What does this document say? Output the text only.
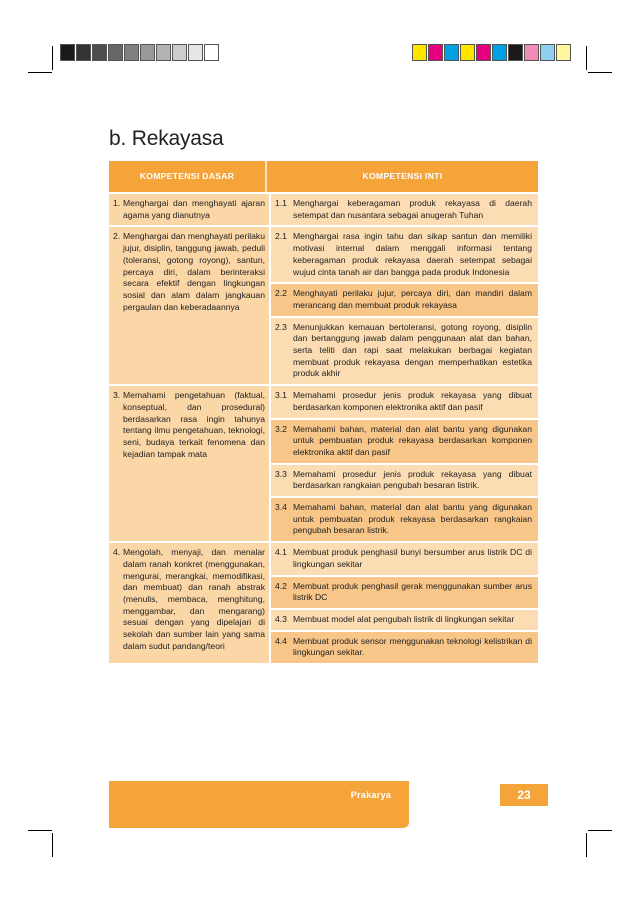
b. Rekayasa
KOMPETENSI DASAR	KOMPETENSI INTI
1. Menghargai dan menghayati ajaran agama yang dianutnya
1.1 Menghargai keberagaman produk rekayasa di daerah setempat dan nusantara sebagai anugerah Tuhan
2. Menghargai dan menghayati perilaku jujur, disiplin, tanggung jawab, peduli (toleransi, gotong royong), santun, percaya diri, dalam berinteraksi secara efektif dengan lingkungan sosial dan alam dalam jangkauan pergaulan dan keberadaannya
2.1 Menghargai rasa ingin tahu dan sikap santun dan memiliki motivasi internal dalam menggali informasi tentang keberagaman produk rekayasa daerah setempat sebagai wujud cinta tanah air dan bangga pada produk Indonesia
2.2 Menghayati perilaku jujur, percaya diri, dan mandiri dalam merancang dan membuat produk rekayasa
2.3 Menunjukkan kemauan bertoleransi, gotong royong, disiplin dan bertanggung jawab dalam penggunaan alat dan bahan, serta teliti dan rapi saat melakukan berbagai kegiatan membuat produk rekayasa dengan memperhatikan estetika produk akhir
3. Memahami pengetahuan (faktual, konseptual, dan prosedural) berdasarkan rasa ingin tahunya tentang ilmu pengetahuan, teknologi, seni, budaya terkait fenomena dan kejadian tampak mata
3.1 Memahami prosedur jenis produk rekayasa yang dibuat berdasarkan komponen elektronika aktif dan pasif
3.2 Memahami bahan, material dan alat bantu yang digunakan untuk pembuatan produk rekayasa berdasarkan komponen elektronika aktif dan pasif
3.3 Memahami prosedur jenis produk rekayasa yang dibuat berdasarkan rangkaian pengubah besaran listrik.
3.4 Memahami bahan, material dan alat bantu yang digunakan untuk pembuatan produk rekayasa berdasarkan rangkaian pengubah besaran listrik.
4. Mengolah, menyaji, dan menalar dalam ranah konkret (menggunakan, mengurai, merangkai, memodifikasi, dan membuat) dan ranah abstrak (menulis, membaca, menghitung, menggambar, dan mengarang) sesuai dengan yang dipelajari di sekolah dan sumber lain yang sama dalam sudut pandang/teori
4.1 Membuat produk penghasil bunyi bersumber arus listrik DC di lingkungan sekitar
4.2 Membuat produk penghasil gerak menggunakan sumber arus listrik DC
4.3 Membuat model alat pengubah listrik di lingkungan sekitar
4.4 Membuat produk sensor menggunakan teknologi kelistrikan di lingkungan sekitar.
Prakarya	23
